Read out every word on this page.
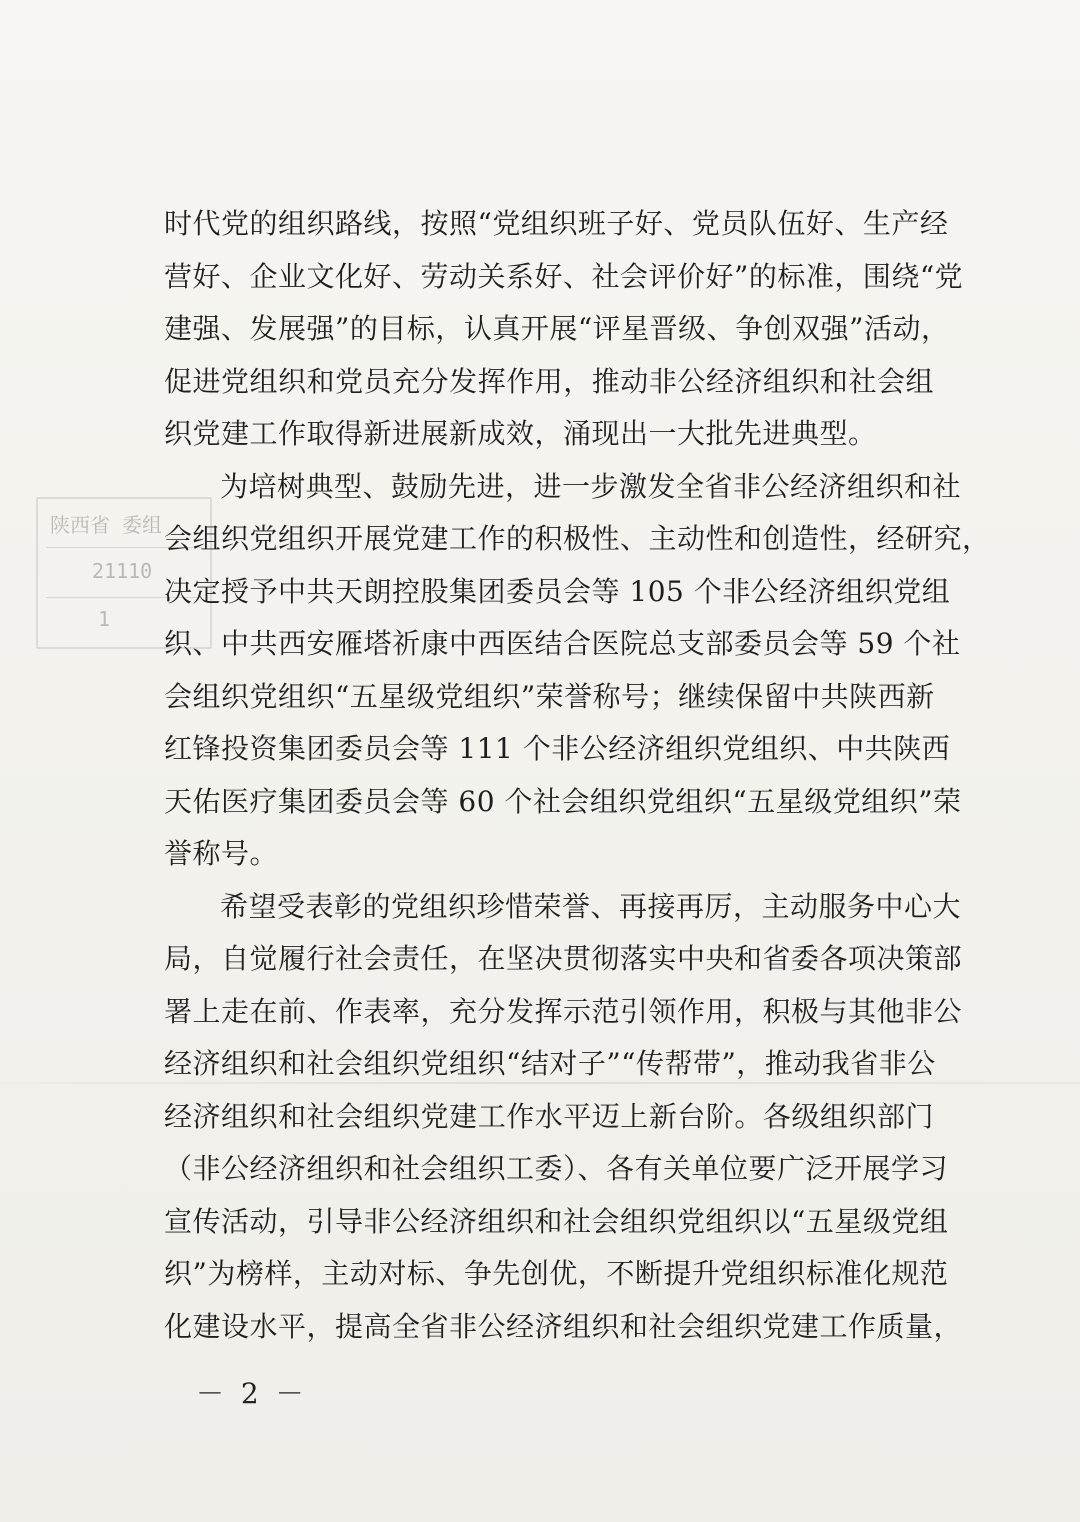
陕西省 委组
21110
1
时代党的组织路线，按照“党组织班子好、党员队伍好、生产经
营好、企业文化好、劳动关系好、社会评价好”的标准，围绕“党
建强、发展强”的目标，认真开展“评星晋级、争创双强”活动，
促进党组织和党员充分发挥作用，推动非公经济组织和社会组
织党建工作取得新进展新成效，涌现出一大批先进典型。
为培树典型、鼓励先进，进一步激发全省非公经济组织和社
会组织党组织开展党建工作的积极性、主动性和创造性，经研究，
决定授予中共天朗控股集团委员会等 105 个非公经济组织党组
织、中共西安雁塔祈康中西医结合医院总支部委员会等 59 个社
会组织党组织“五星级党组织”荣誉称号；继续保留中共陕西新
红锋投资集团委员会等 111 个非公经济组织党组织、中共陕西
天佑医疗集团委员会等 60 个社会组织党组织“五星级党组织”荣
誉称号。
希望受表彰的党组织珍惜荣誉、再接再厉，主动服务中心大
局，自觉履行社会责任，在坚决贯彻落实中央和省委各项决策部
署上走在前、作表率，充分发挥示范引领作用，积极与其他非公
经济组织和社会组织党组织“结对子”“传帮带”，推动我省非公
经济组织和社会组织党建工作水平迈上新台阶。各级组织部门
（非公经济组织和社会组织工委）、各有关单位要广泛开展学习
宣传活动，引导非公经济组织和社会组织党组织以“五星级党组
织”为榜样，主动对标、争先创优，不断提升党组织标准化规范
化建设水平，提高全省非公经济组织和社会组织党建工作质量，
－ 2 －
